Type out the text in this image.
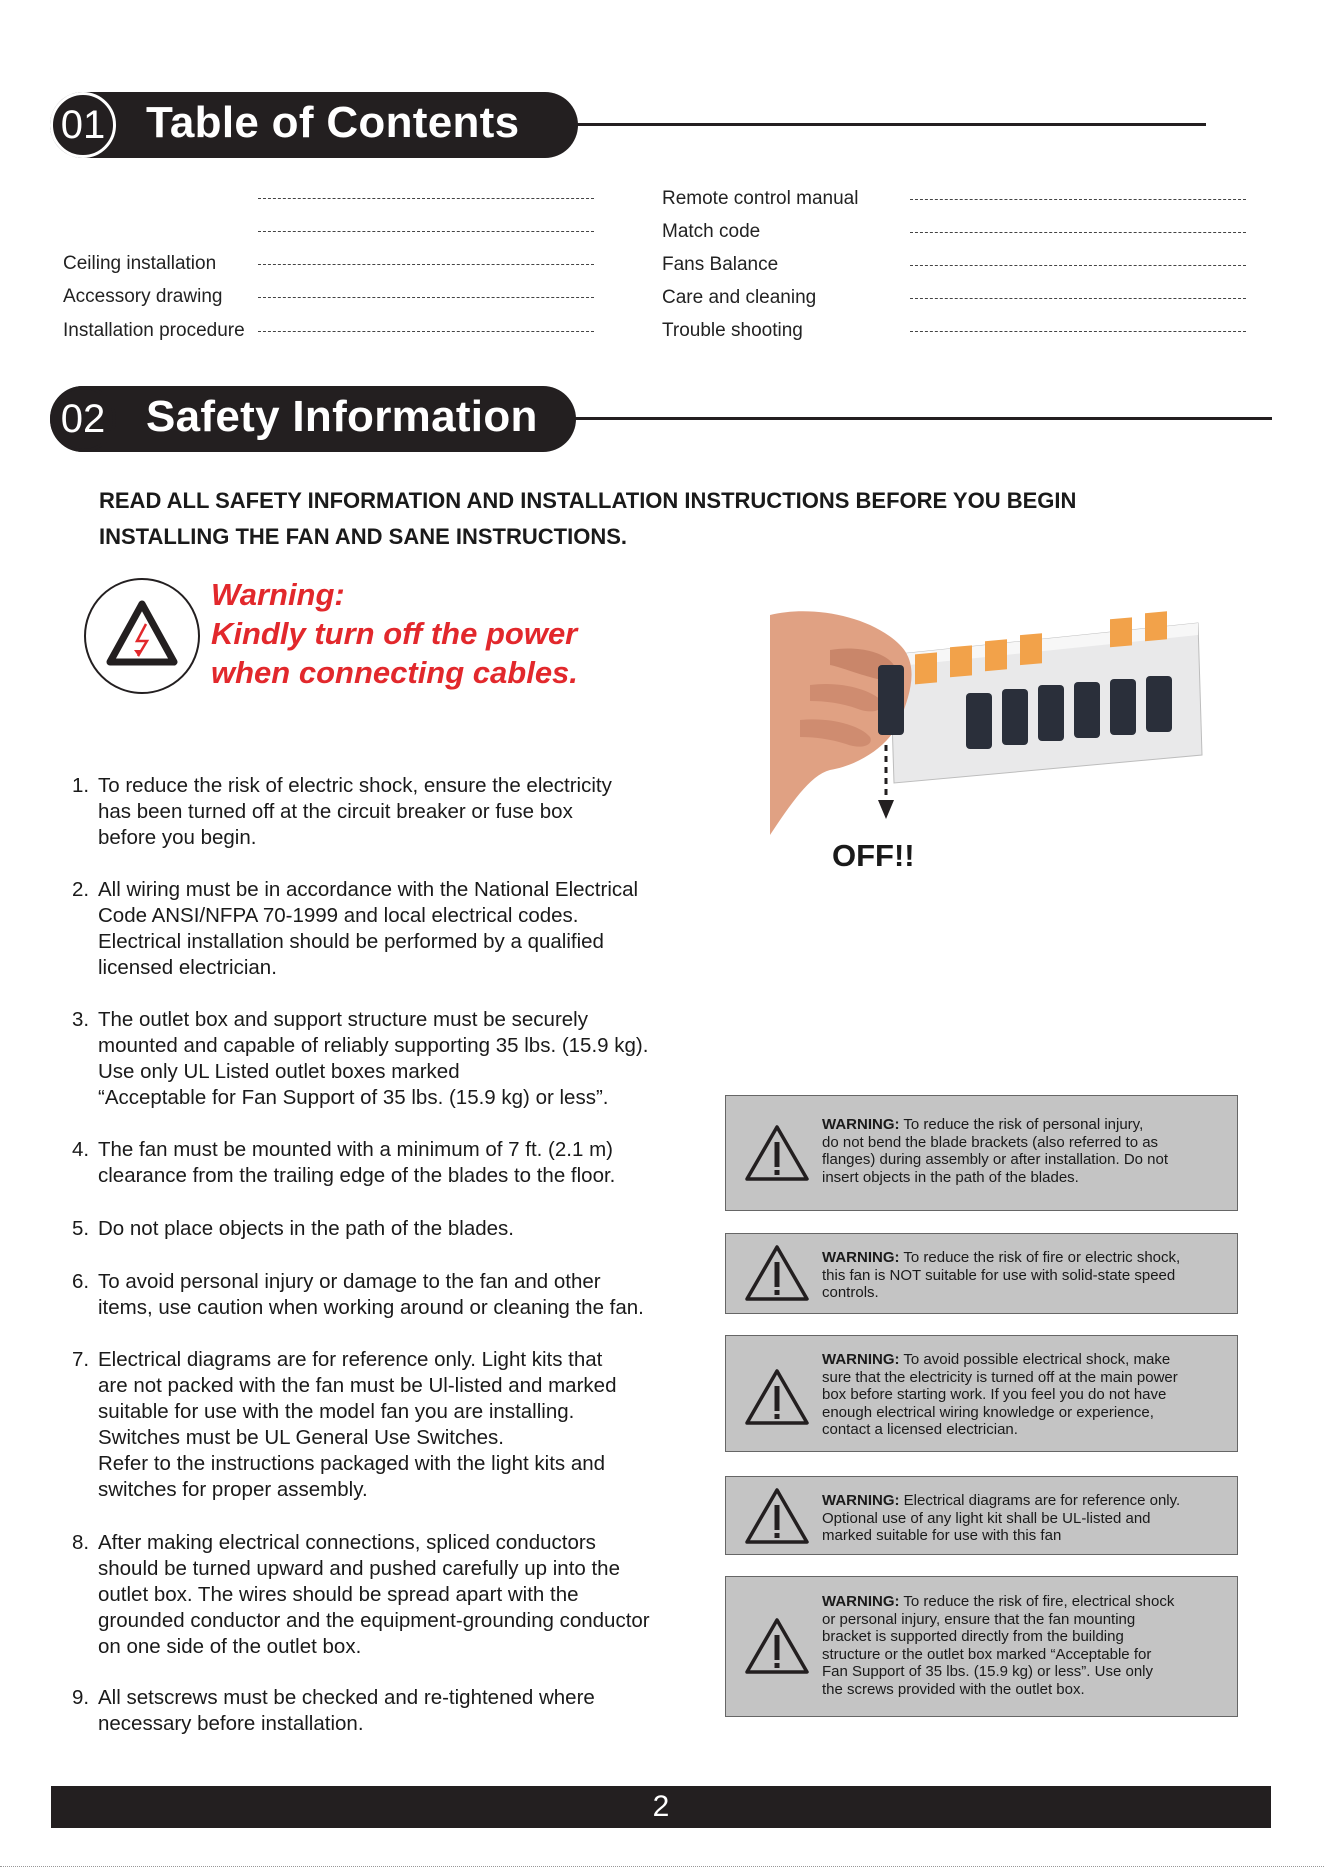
Table of Contents
01
Ceiling installation
Accessory drawing
Installation procedure
Remote control manual
Match code
Fans Balance
Care and cleaning
Trouble shooting
Safety Information
02
READ ALL SAFETY INFORMATION AND INSTALLATION INSTRUCTIONS BEFORE YOU BEGIN
INSTALLING THE FAN AND SANE INSTRUCTIONS.
Warning:
Kindly turn off the power
when connecting cables.
1. To reduce the risk of electric shock, ensure the electricity
has been turned off at the circuit breaker or fuse box
before you begin.
2. All wiring must be in accordance with the National Electrical
Code ANSI/NFPA 70-1999 and local electrical codes.
Electrical installation should be performed by a qualified
licensed electrician.
3. The outlet box and support structure must be securely
mounted and capable of reliably supporting 35 lbs. (15.9 kg).
Use only UL Listed outlet boxes marked
“Acceptable for Fan Support of 35 lbs. (15.9 kg) or less”.
4. The fan must be mounted with a minimum of 7 ft. (2.1 m)
clearance from the trailing edge of the blades to the floor.
5. Do not place objects in the path of the blades.
6. To avoid personal injury or damage to the fan and other
items, use caution when working around or cleaning the fan.
7. Electrical diagrams are for reference only. Light kits that
are not packed with the fan must be Ul-listed and marked
suitable for use with the model fan you are installing.
Switches must be UL General Use Switches.
Refer to the instructions packaged with the light kits and
switches for proper assembly.
8. After making electrical connections, spliced conductors
should be turned upward and pushed carefully up into the
outlet box. The wires should be spread apart with the
grounded conductor and the equipment-grounding conductor
on one side of the outlet box.
9. All setscrews must be checked and re-tightened where
necessary before installation.
OFF!!
WARNING: To reduce the risk of personal injury,
do not bend the blade brackets (also referred to as
flanges) during assembly or after installation. Do not
insert objects in the path of the blades.
WARNING: To reduce the risk of fire or electric shock,
this fan is NOT suitable for use with solid-state speed
controls.
WARNING: To avoid possible electrical shock, make
sure that the electricity is turned off at the main power
box before starting work. If you feel you do not have
enough electrical wiring knowledge or experience,
contact a licensed electrician.
WARNING: Electrical diagrams are for reference only.
Optional use of any light kit shall be UL-listed and
marked suitable for use with this fan
WARNING: To reduce the risk of fire, electrical shock
or personal injury, ensure that the fan mounting
bracket is supported directly from the building
structure or the outlet box marked “Acceptable for
Fan Support of 35 lbs. (15.9 kg) or less”. Use only
the screws provided with the outlet box.
2
